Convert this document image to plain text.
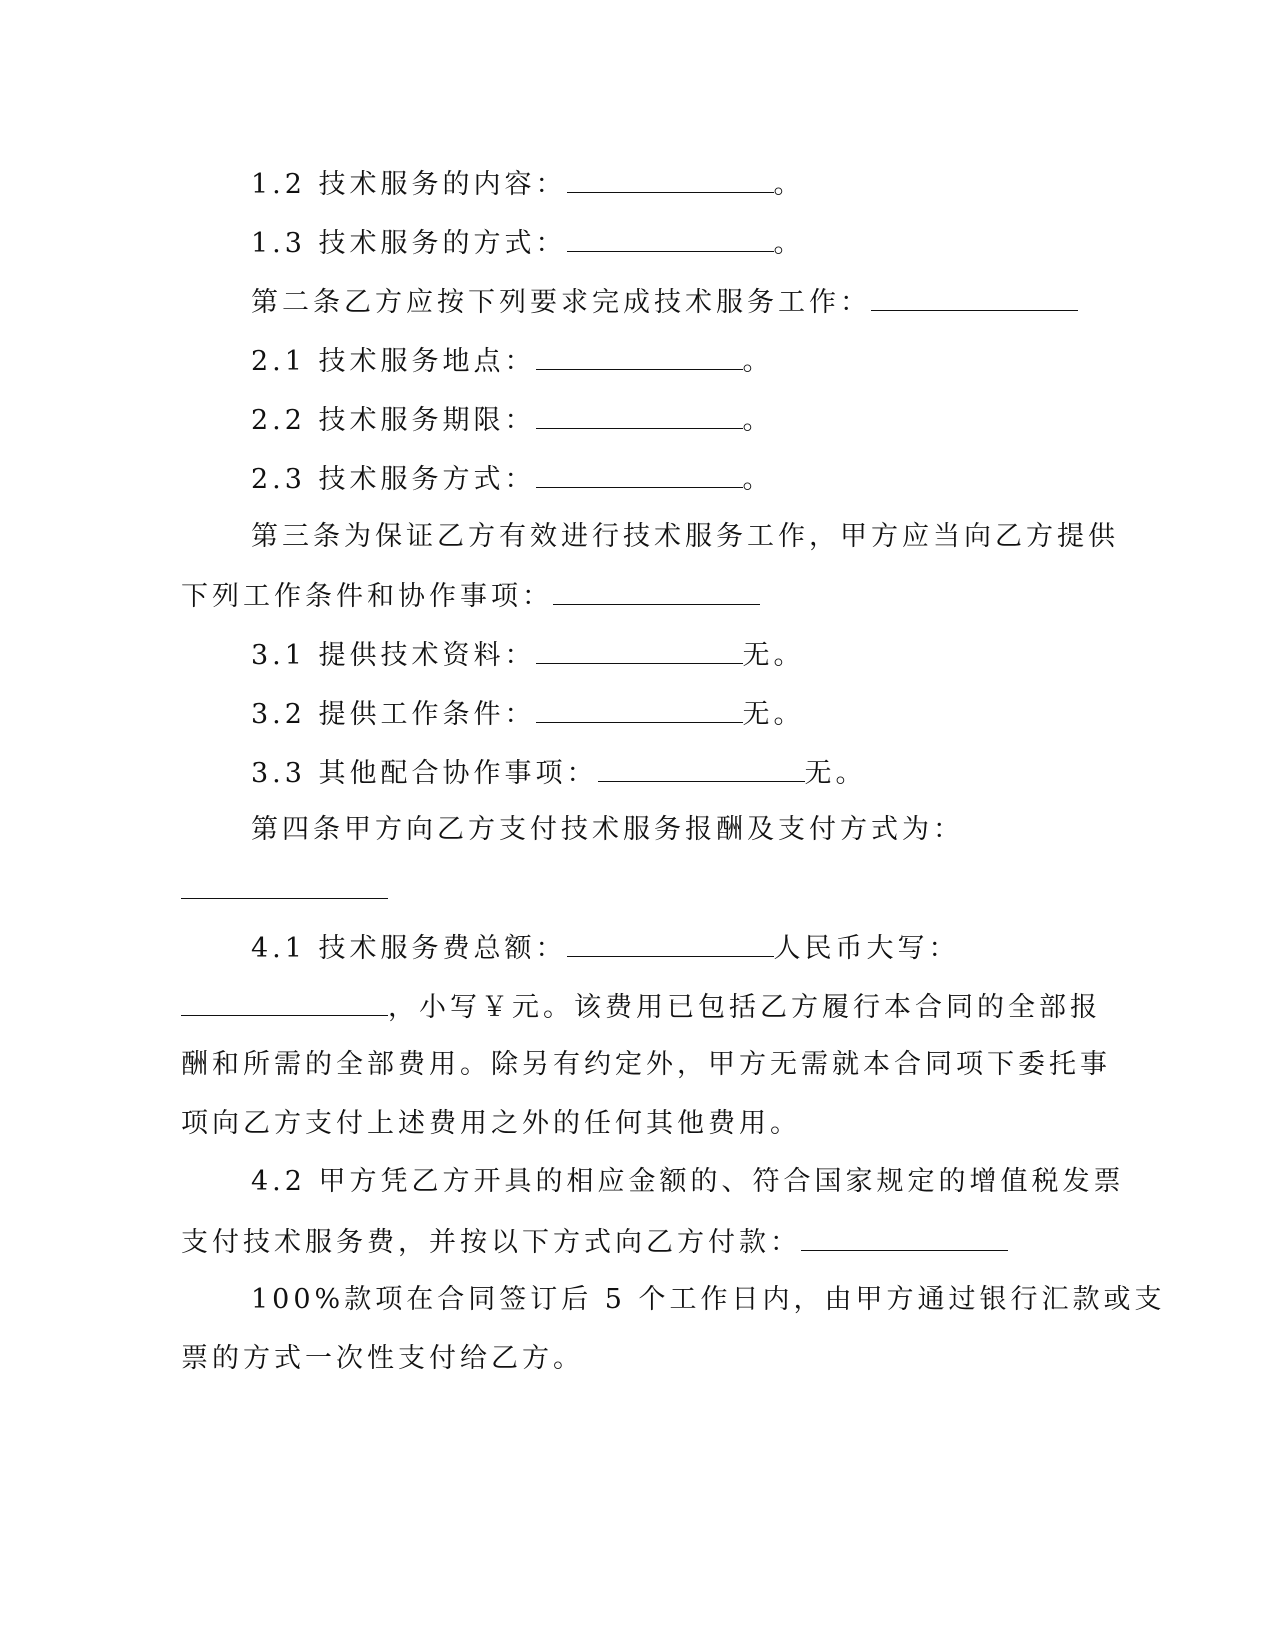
1.2 技术服务的内容：	。
1.3 技术服务的方式：	。
第二条乙方应按下列要求完成技术服务工作：
2.1 技术服务地点：	。
2.2 技术服务期限：	。
2.3 技术服务方式：	。
第三条为保证乙方有效进行技术服务工作，甲方应当向乙方提供
下列工作条件和协作事项：
3.1 提供技术资料：	无。
3.2 提供工作条件：	无。
3.3 其他配合协作事项：	无。
第四条甲方向乙方支付技术服务报酬及支付方式为：
4.1 技术服务费总额：	人民币大写：
，小写￥元。该费用已包括乙方履行本合同的全部报
酬和所需的全部费用。除另有约定外，甲方无需就本合同项下委托事
项向乙方支付上述费用之外的任何其他费用。
4.2 甲方凭乙方开具的相应金额的、符合国家规定的增值税发票
支付技术服务费，并按以下方式向乙方付款：
100%款项在合同签订后 5 个工作日内，由甲方通过银行汇款或支
票的方式一次性支付给乙方。
